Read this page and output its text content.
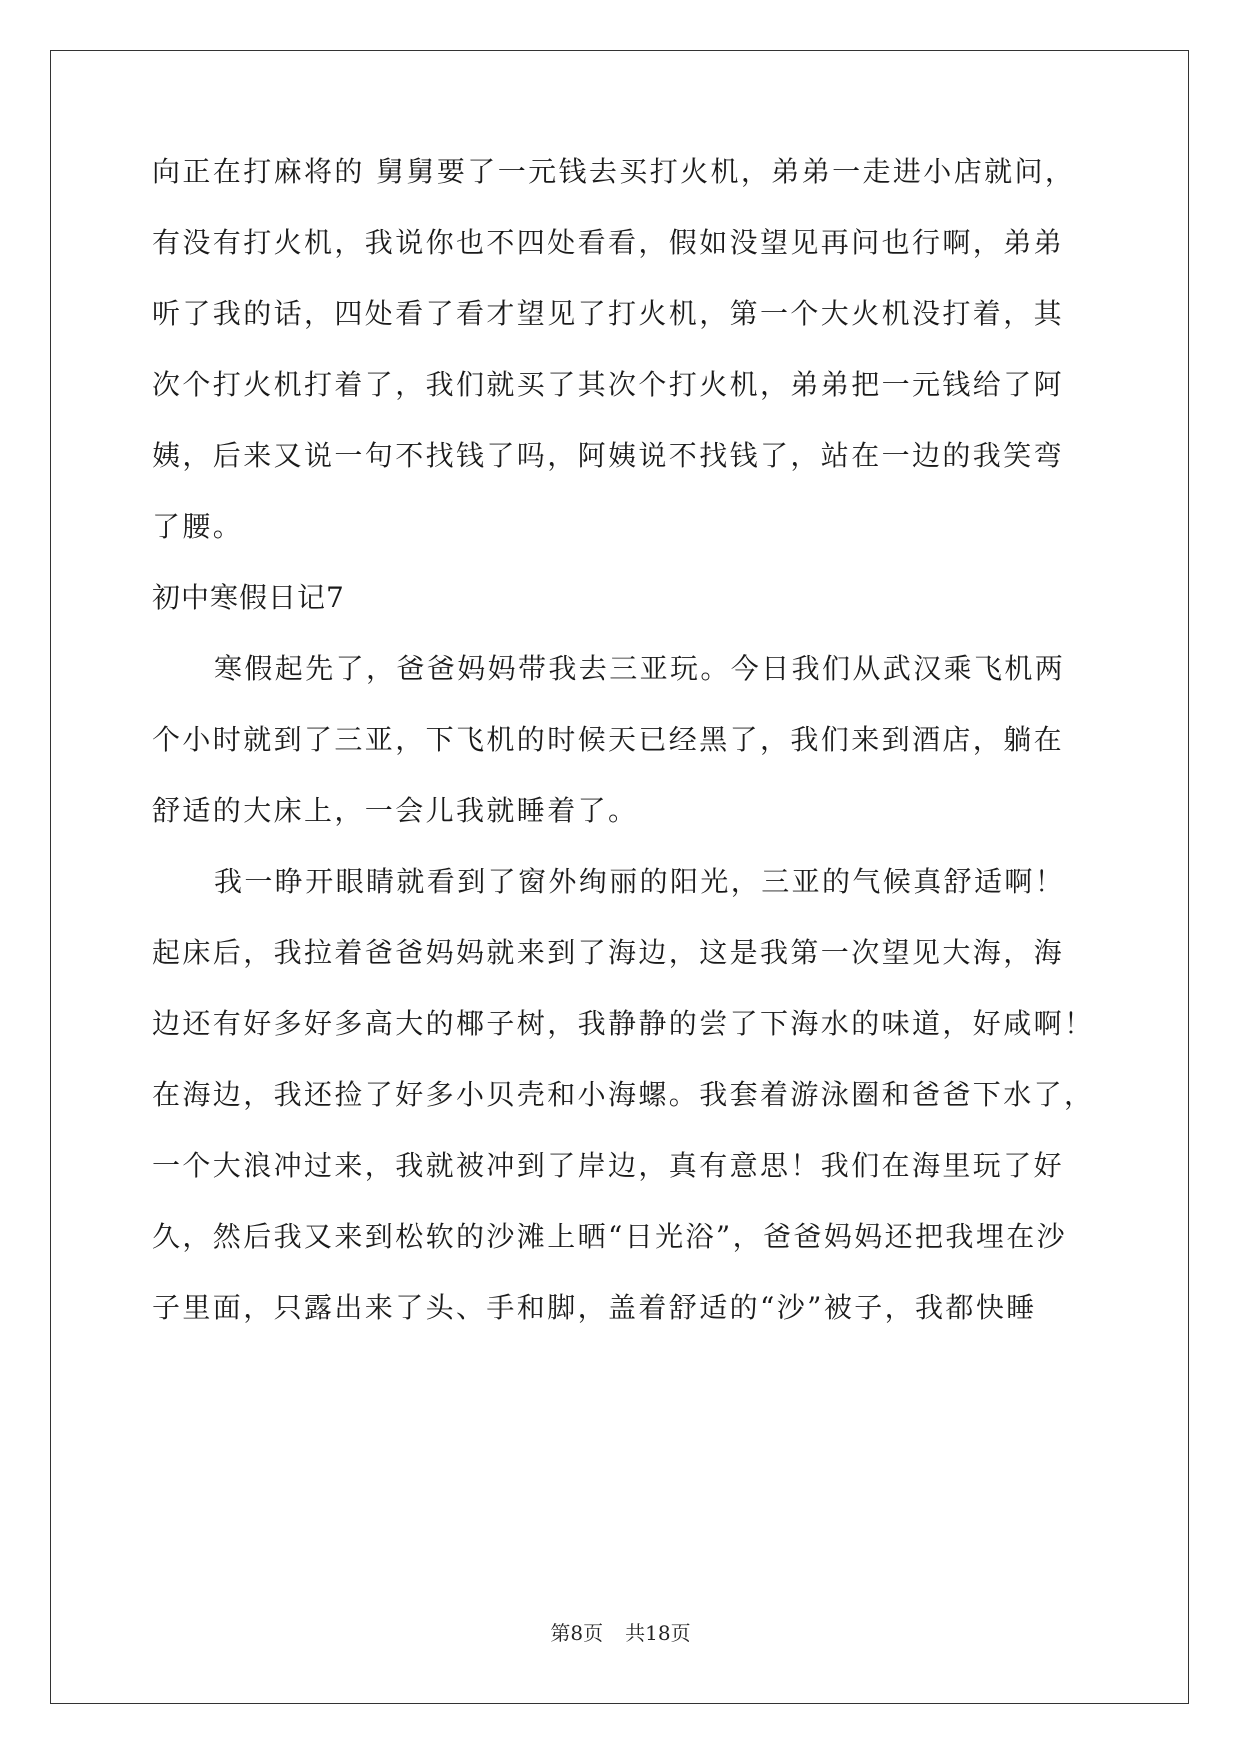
向正在打麻将的 舅舅要了一元钱去买打火机，弟弟一走进小店就问，
有没有打火机，我说你也不四处看看，假如没望见再问也行啊，弟弟
听了我的话，四处看了看才望见了打火机，第一个大火机没打着，其
次个打火机打着了，我们就买了其次个打火机，弟弟把一元钱给了阿
姨，后来又说一句不找钱了吗，阿姨说不找钱了，站在一边的我笑弯
了腰。
初中寒假日记7
寒假起先了，爸爸妈妈带我去三亚玩。今日我们从武汉乘飞机两
个小时就到了三亚，下飞机的时候天已经黑了，我们来到酒店，躺在
舒适的大床上，一会儿我就睡着了。
我一睁开眼睛就看到了窗外绚丽的阳光，三亚的气候真舒适啊！
起床后，我拉着爸爸妈妈就来到了海边，这是我第一次望见大海，海
边还有好多好多高大的椰子树，我静静的尝了下海水的味道，好咸啊！
在海边，我还捡了好多小贝壳和小海螺。我套着游泳圈和爸爸下水了，
一个大浪冲过来，我就被冲到了岸边，真有意思！我们在海里玩了好
久，然后我又来到松软的沙滩上晒“日光浴”，爸爸妈妈还把我埋在沙
子里面，只露出来了头、手和脚，盖着舒适的“沙”被子，我都快睡
第8页 共18页
